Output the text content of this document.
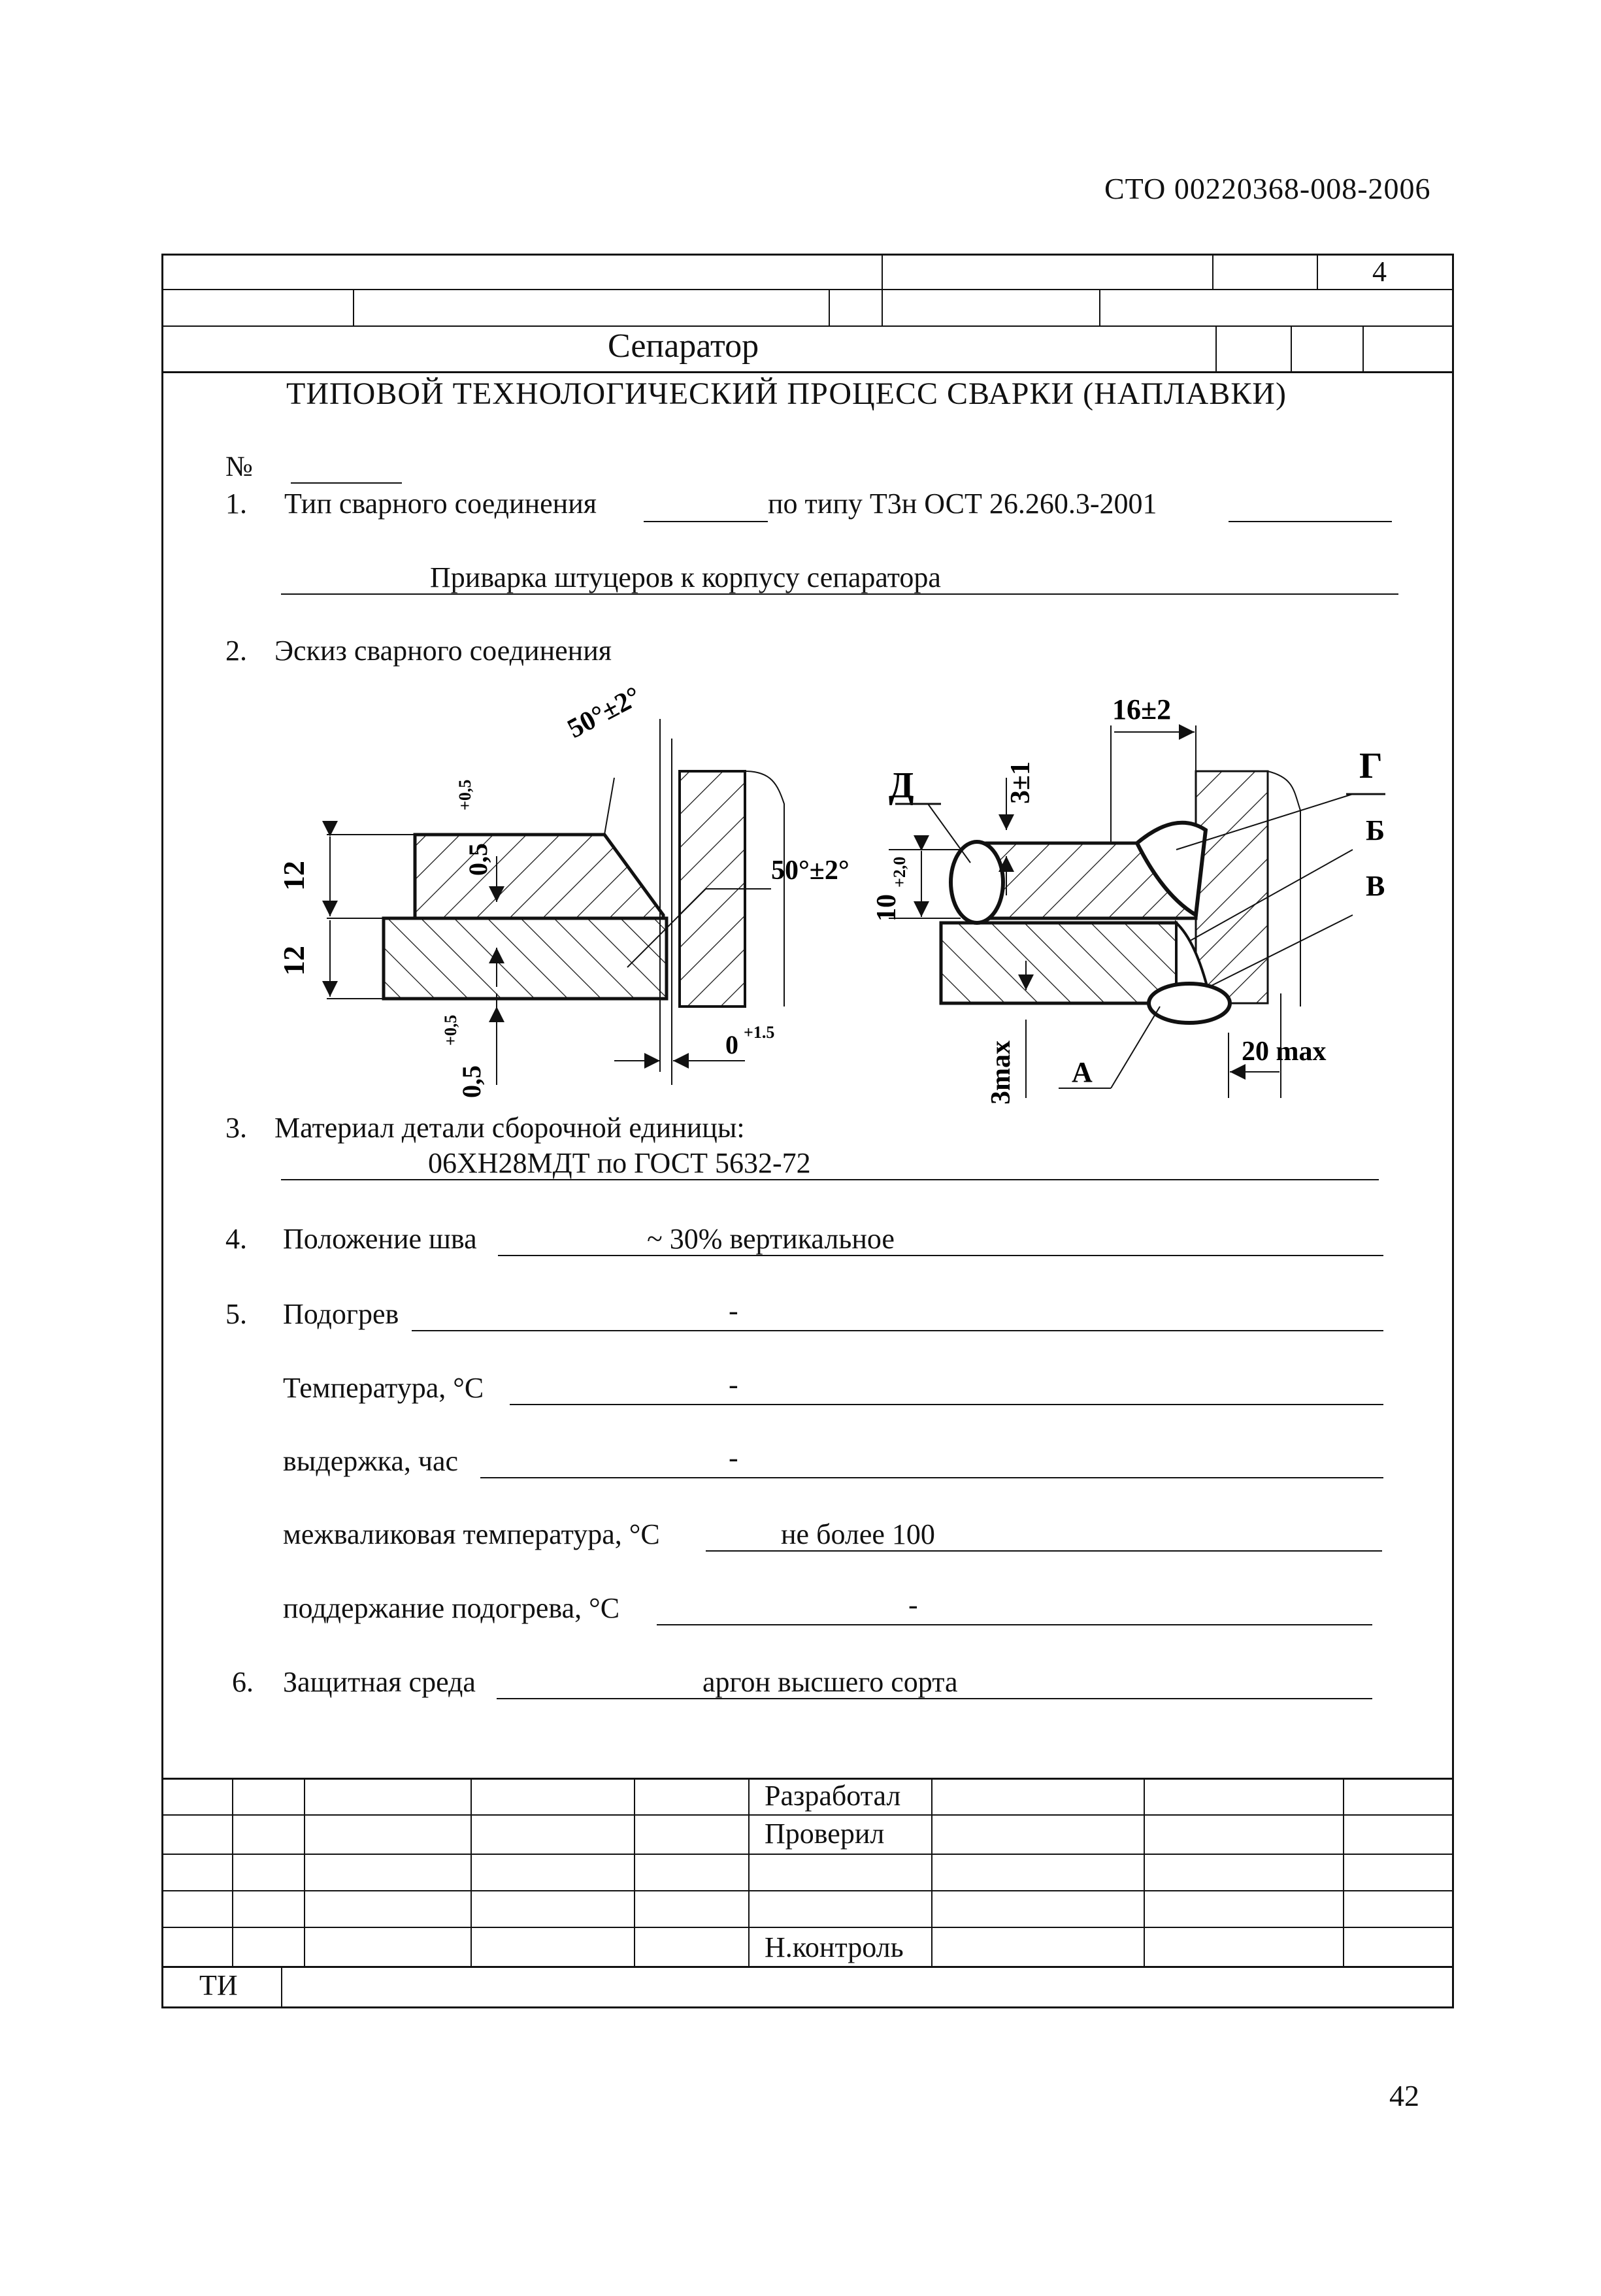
СТО 00220368-008-2006
4
Сепаратор
ТИПОВОЙ ТЕХНОЛОГИЧЕСКИЙ ПРОЦЕСС СВАРКИ (НАПЛАВКИ)
№
1. Тип сварного соединения	по типу Т3н ОСТ 26.260.3-2001
Приварка штуцеров к корпусу сепаратора
2. Эскиз сварного соединения
12
12
50°±2°
0,5
+0,5
50°±2°
0,5
+0,5	0 +1.5
16±2
3±1
10
+2,0
3max	20 max
Д	Г
Б
В
А
3. Материал детали сборочной единицы:
06ХН28МДТ по ГОСТ 5632-72
4. Положение шва	~ 30% вертикальное
5. Подогрев	-
Температура, °С	-
выдержка, час	-
межваликовая температура, °С	не более 100
поддержание подогрева, °С	-
6. Защитная среда	аргон высшего сорта
Разработал
Проверил
Н.контроль
ТИ
42
